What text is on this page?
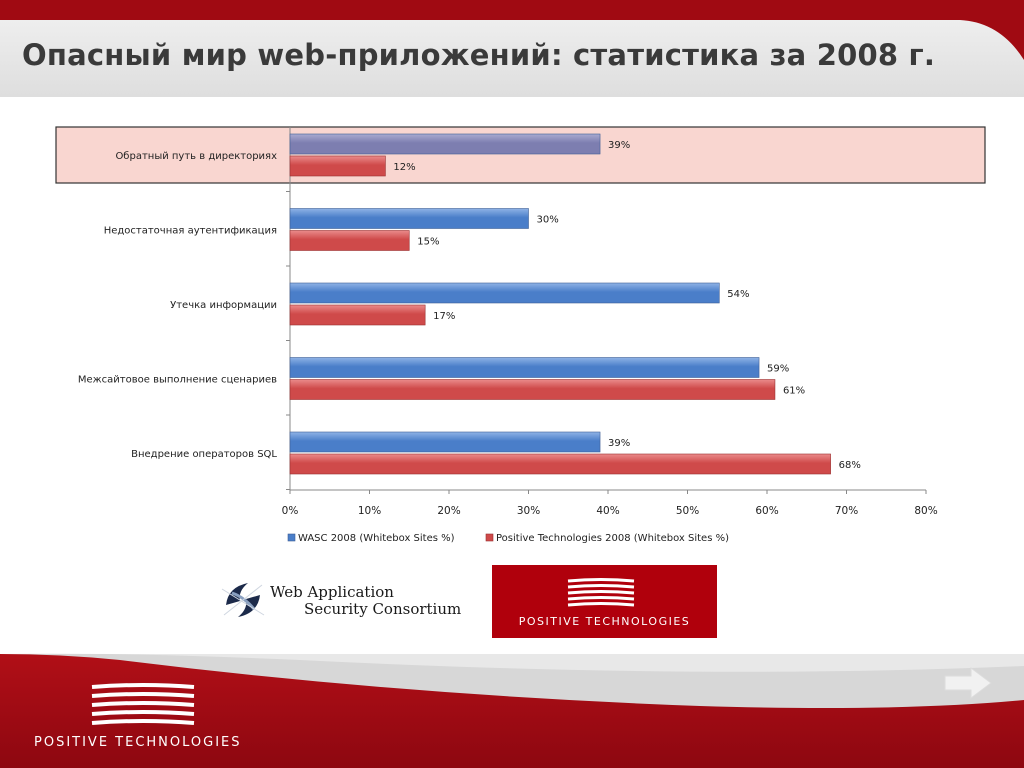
Опасный мир web-приложений: статистика за 2008 г.
0%	10%	20%	30%	40%	50%	60%	70%	80%
Обратный путь в директориях
39%
12%
Недостаточная аутентификация
30%
15%
Утечка информации
54%
17%
Межсайтовое выполнение сценариев
59%
61%
Внедрение операторов SQL
39%
68%
WASC 2008 (Whitebox Sites %)	Positive Technologies 2008 (Whitebox Sites %)
Web Application
Security Consortium
POSITIVE TECHNOLOGIES
POSITIVE TECHNOLOGIES
